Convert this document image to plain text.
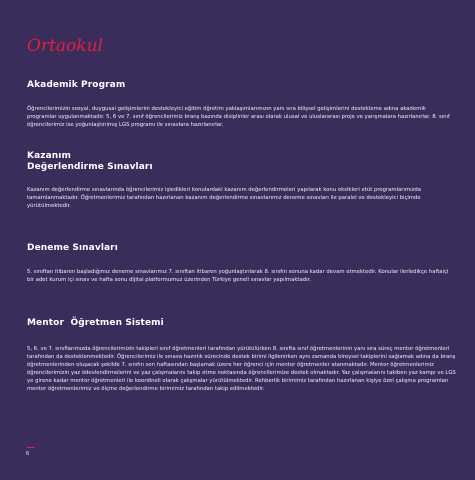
Ortaokul
Akademik Program

Öğrencilerimizin sosyal, duygusal gelişimlerini destekleyici eğitim öğretim yaklaşımlarımızın yanı sıra bilişsel gelişimlerini destekleme adına akademik programlar uygulanmaktadır. 5, 6 ve 7. sınıf öğrencilerimiz branş bazında disiplinler arası olarak ulusal ve uluslararası proje ve yarışmalara hazırlanırlar. 8. sınıf öğrencilerimiz ise yoğunlaştırılmış LGS programı ile sınavlara hazırlanırlar.

Kazanım
Değerlendirme Sınavları

Kazanım değerlendirme sınavlarında öğrencilerimiz işledikleri konulardaki kazanım değerlendirmeleri yapılarak konu eksikleri etüt programlarımızda tamamlanmaktadır. Öğretmenlerimiz tarafından hazırlanan kazanım değerlendirme sınavlarımız deneme sınavları ile paralel ve destekleyici biçimde yürütülmektedir.

Deneme Sınavları

5. sınıftan itibaren başladığımız deneme sınavlarımız 7. sınıftan itibaren yoğunlaştırılarak 8. sınıfın sonuna kadar devam etmektedir. Konular ilerledikçe haftaiçi bir adet kurum içi sınav ve hafta sonu dijital platformumuz üzerinden Türkiye geneli sınavlar yapılmaktadır.

Mentor  Öğretmen Sistemi

5, 6. ve 7. sınıflarımızda öğrencilerimizin takipleri sınıf öğretmenleri tarafından yürütülürken 8. sınıfta sınıf öğretmenlerinin yanı sıra süreç mentor öğretmenleri tarafından da desteklenmektedir. Öğrencilerimiz ile sınava hazırlık sürecinde destek birimi ilgilenirken aynı zamanda bireysel takiplerini sağlamak adına da branş öğretmenlerinden oluşacak şekilde 7. sınıfın son haftasından başlamak üzere her öğrenci için mentor öğretmenler atanmaktadır. Mentor öğretmenlerimiz öğrencilerimizin yaz ödevlendirmelerini ve yaz çalışmalarını takip etme noktasında öğrencilerimize destek olmaktadır. Yaz çalışmalarını takiben yaz kampı ve LGS ye girene kadar mentor öğretmenleri ile koordineli olarak çalışmalar yürütülmektedir. Rehberlik birimimiz tarafından hazırlanan kişiye özel çalışma programları mentor öğretmenlerimiz ve ölçme değerlendirme birimimiz tarafından takip edilmektedir.

6
